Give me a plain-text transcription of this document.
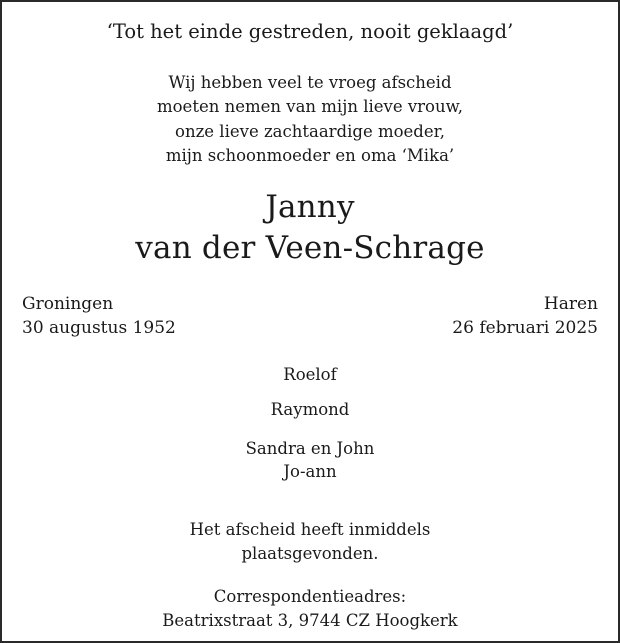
‘Tot het einde gestreden, nooit geklaagd’
Wij hebben veel te vroeg afscheid
moeten nemen van mijn lieve vrouw,
onze lieve zachtaardige moeder,
mijn schoonmoeder en oma ‘Mika’
Janny
van der Veen-Schrage
Groningen
30 augustus 1952
Haren
26 februari 2025
Roelof
Raymond
Sandra en John
Jo-ann
Het afscheid heeft inmiddels
plaatsgevonden.
Correspondentieadres:
Beatrixstraat 3, 9744 CZ Hoogkerk
